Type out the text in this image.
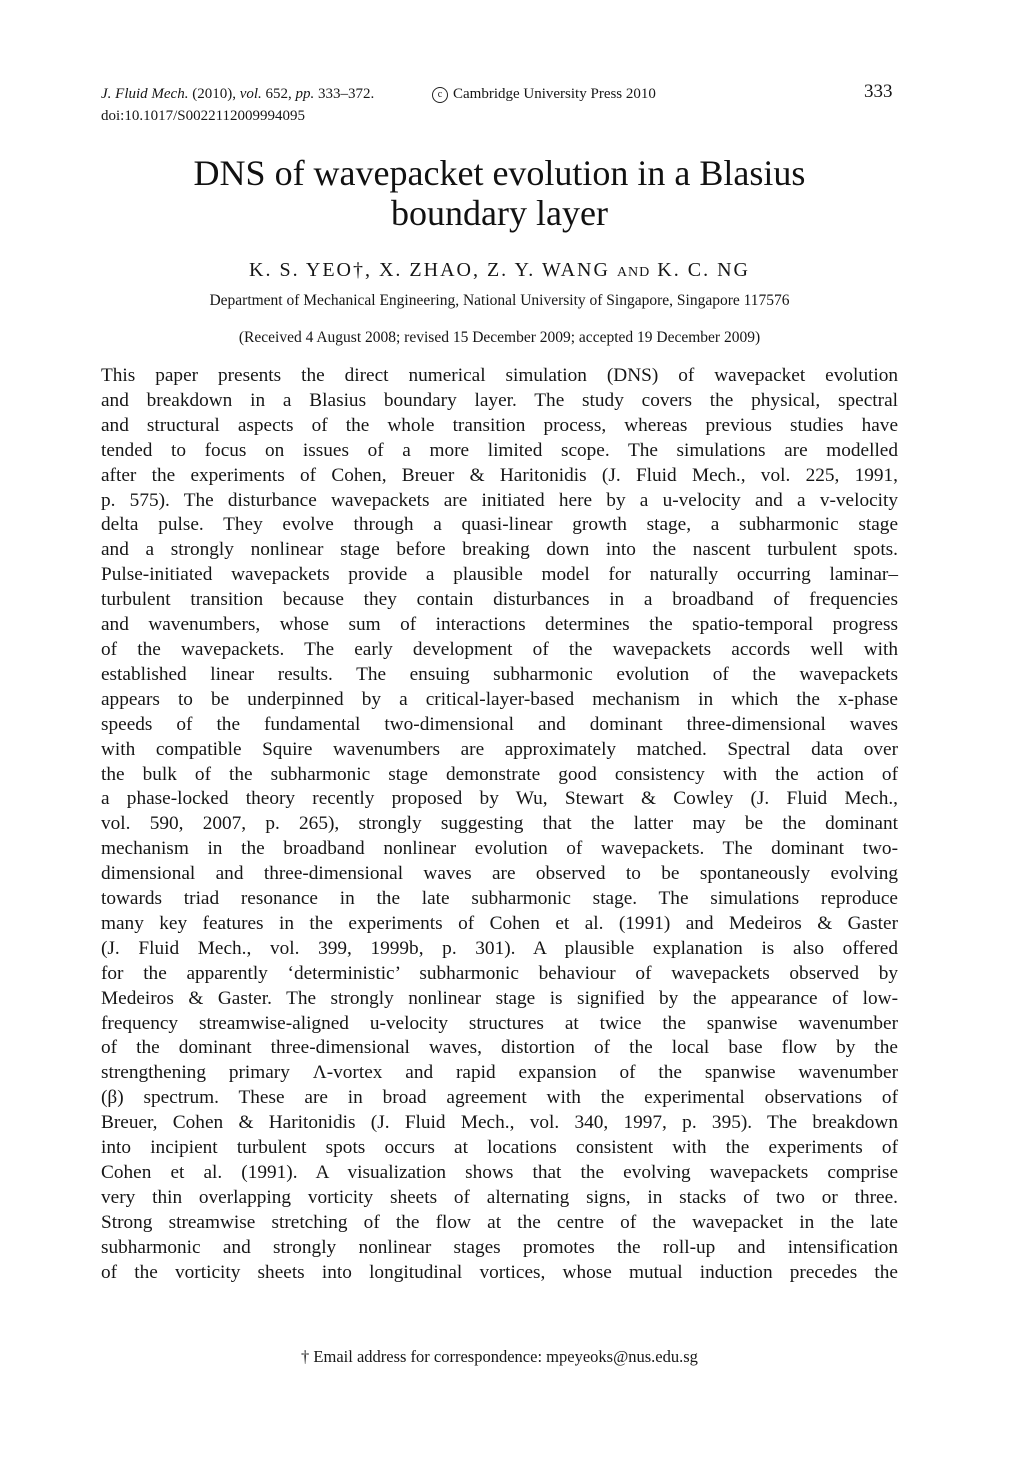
J. Fluid Mech. (2010), vol. 652, pp. 333–372.	c Cambridge University Press 2010	333
doi:10.1017/S0022112009994095
DNS of wavepacket evolution in a Blasius
boundary layer
K. S. YEO†, X. ZHAO, Z. Y. WANG AND K. C. NG
Department of Mechanical Engineering, National University of Singapore, Singapore 117576
(Received 4 August 2008; revised 15 December 2009; accepted 19 December 2009)
This paper presents the direct numerical simulation (DNS) of wavepacket evolution
and breakdown in a Blasius boundary layer. The study covers the physical, spectral
and structural aspects of the whole transition process, whereas previous studies have
tended to focus on issues of a more limited scope. The simulations are modelled
after the experiments of Cohen, Breuer & Haritonidis (J. Fluid Mech., vol. 225, 1991,
p. 575). The disturbance wavepackets are initiated here by a u-velocity and a v-velocity
delta pulse. They evolve through a quasi-linear growth stage, a subharmonic stage
and a strongly nonlinear stage before breaking down into the nascent turbulent spots.
Pulse-initiated wavepackets provide a plausible model for naturally occurring laminar–
turbulent transition because they contain disturbances in a broadband of frequencies
and wavenumbers, whose sum of interactions determines the spatio-temporal progress
of the wavepackets. The early development of the wavepackets accords well with
established linear results. The ensuing subharmonic evolution of the wavepackets
appears to be underpinned by a critical-layer-based mechanism in which the x-phase
speeds of the fundamental two-dimensional and dominant three-dimensional waves
with compatible Squire wavenumbers are approximately matched. Spectral data over
the bulk of the subharmonic stage demonstrate good consistency with the action of
a phase-locked theory recently proposed by Wu, Stewart & Cowley (J. Fluid Mech.,
vol. 590, 2007, p. 265), strongly suggesting that the latter may be the dominant
mechanism in the broadband nonlinear evolution of wavepackets. The dominant two-
dimensional and three-dimensional waves are observed to be spontaneously evolving
towards triad resonance in the late subharmonic stage. The simulations reproduce
many key features in the experiments of Cohen et al. (1991) and Medeiros & Gaster
(J. Fluid Mech., vol. 399, 1999b, p. 301). A plausible explanation is also offered
for the apparently ‘deterministic’ subharmonic behaviour of wavepackets observed by
Medeiros & Gaster. The strongly nonlinear stage is signified by the appearance of low-
frequency streamwise-aligned u-velocity structures at twice the spanwise wavenumber
of the dominant three-dimensional waves, distortion of the local base flow by the
strengthening primary Λ-vortex and rapid expansion of the spanwise wavenumber
(β) spectrum. These are in broad agreement with the experimental observations of
Breuer, Cohen & Haritonidis (J. Fluid Mech., vol. 340, 1997, p. 395). The breakdown
into incipient turbulent spots occurs at locations consistent with the experiments of
Cohen et al. (1991). A visualization shows that the evolving wavepackets comprise
very thin overlapping vorticity sheets of alternating signs, in stacks of two or three.
Strong streamwise stretching of the flow at the centre of the wavepacket in the late
subharmonic and strongly nonlinear stages promotes the roll-up and intensification
of the vorticity sheets into longitudinal vortices, whose mutual induction precedes the
† Email address for correspondence: mpeyeoks@nus.edu.sg
